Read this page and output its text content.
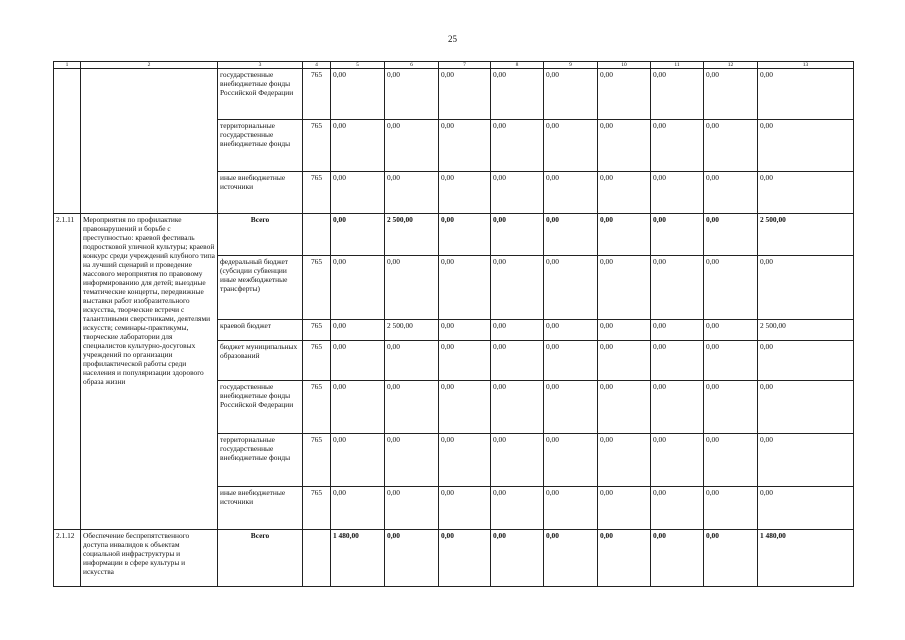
25
1	2	3	4	5	6	7	8	9	10	11	12	13
		государственные внебюджетные фонды Российской Федерации	765	0,00	0,00	0,00	0,00	0,00	0,00	0,00	0,00	0,00
		территориальные государственные внебюджетные фонды	765	0,00	0,00	0,00	0,00	0,00	0,00	0,00	0,00	0,00
		иные внебюджетные источники	765	0,00	0,00	0,00	0,00	0,00	0,00	0,00	0,00	0,00
2.1.11	Мероприятия по профилактике правонарушений и борьбе с преступностью: краевой фестиваль подростковой уличной культуры; краевой конкурс среди учреждений клубного типа на лучший сценарий и проведение массового мероприятия по правовому информированию для детей; выездные тематические концерты, передвижные выставки работ изобразительного искусства, творческие встречи с талантливыми сверстниками, деятелями искусств; семинары-практикумы, творческие лаборатории для специалистов культурно-досуговых учреждений по организации профилактической работы среди населения и популяризации здорового образа жизни	Всего		0,00	2 500,00	0,00	0,00	0,00	0,00	0,00	0,00	2 500,00
		федеральный бюджет (субсидии субвенции иные межбюджетные трансферты)	765	0,00	0,00	0,00	0,00	0,00	0,00	0,00	0,00	0,00
		краевой бюджет	765	0,00	2 500,00	0,00	0,00	0,00	0,00	0,00	0,00	2 500,00
		бюджет муниципальных образований	765	0,00	0,00	0,00	0,00	0,00	0,00	0,00	0,00	0,00
		государственные внебюджетные фонды Российской Федерации	765	0,00	0,00	0,00	0,00	0,00	0,00	0,00	0,00	0,00
		территориальные государственные внебюджетные фонды	765	0,00	0,00	0,00	0,00	0,00	0,00	0,00	0,00	0,00
		иные внебюджетные источники	765	0,00	0,00	0,00	0,00	0,00	0,00	0,00	0,00	0,00
2.1.12	Обеспечение беспрепятственного доступа инвалидов к объектам социальной инфраструктуры и информации в сфере культуры и искусства	Всего		1 480,00	0,00	0,00	0,00	0,00	0,00	0,00	0,00	1 480,00
